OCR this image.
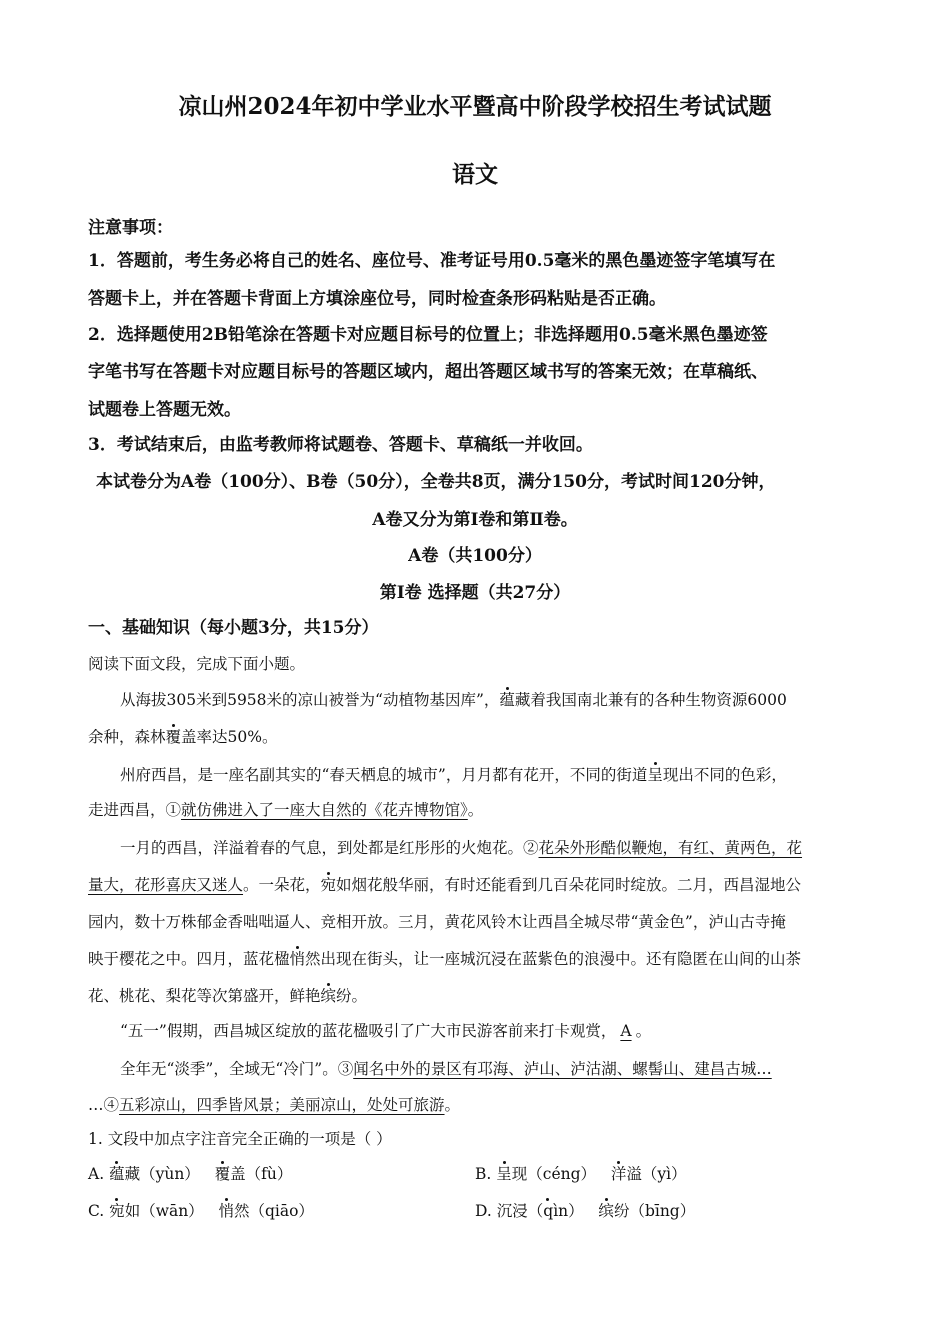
凉山州2024年初中学业水平暨高中阶段学校招生考试试题
语文
注意事项：
1．答题前，考生务必将自己的姓名、座位号、准考证号用0.5毫米的黑色墨迹签字笔填写在
答题卡上，并在答题卡背面上方填涂座位号，同时检查条形码粘贴是否正确。
2．选择题使用2B铅笔涂在答题卡对应题目标号的位置上；非选择题用0.5毫米黑色墨迹签
字笔书写在答题卡对应题目标号的答题区域内，超出答题区域书写的答案无效；在草稿纸、
试题卷上答题无效。
3．考试结束后，由监考教师将试题卷、答题卡、草稿纸一并收回。
本试卷分为A卷（100分）、B卷（50分），全卷共8页，满分150分，考试时间120分钟，
A卷又分为第Ⅰ卷和第Ⅱ卷。
A卷（共100分）
第Ⅰ卷 选择题（共27分）
一、基础知识（每小题3分，共15分）
阅读下面文段，完成下面小题。
从海拔305米到5958米的凉山被誉为“动植物基因库”，蕴藏着我国南北兼有的各种生物资源6000
余种，森林覆盖率达50%。
州府西昌，是一座名副其实的“春天栖息的城市”，月月都有花开，不同的街道呈现出不同的色彩，
走进西昌，①就仿佛进入了一座大自然的《花卉博物馆》。
一月的西昌，洋溢着春的气息，到处都是红彤彤的火炮花。②花朵外形酷似鞭炮，有红、黄两色，花
量大，花形喜庆又迷人。一朵花，宛如烟花般华丽，有时还能看到几百朵花同时绽放。二月，西昌湿地公
园内，数十万株郁金香咄咄逼人、竞相开放。三月，黄花风铃木让西昌全城尽带“黄金色”，泸山古寺掩
映于樱花之中。四月，蓝花楹悄然出现在街头，让一座城沉浸在蓝紫色的浪漫中。还有隐匿在山间的山茶
花、桃花、梨花等次第盛开，鲜艳缤纷。
“五一”假期，西昌城区绽放的蓝花楹吸引了广大市民游客前来打卡观赏， A 。
全年无“淡季”，全域无“冷门”。③闻名中外的景区有邛海、泸山、泸沽湖、螺髻山、建昌古城…
…④五彩凉山，四季皆风景；美丽凉山，处处可旅游。
1. 文段中加点字注音完全正确的一项是（ ）
A. 蕴藏（yùn） 覆盖（fù）	B. 呈现（céng） 洋溢（yì）
C. 宛如（wān） 悄然（qiāo）	D. 沉浸（qìn） 缤纷（bīng）
